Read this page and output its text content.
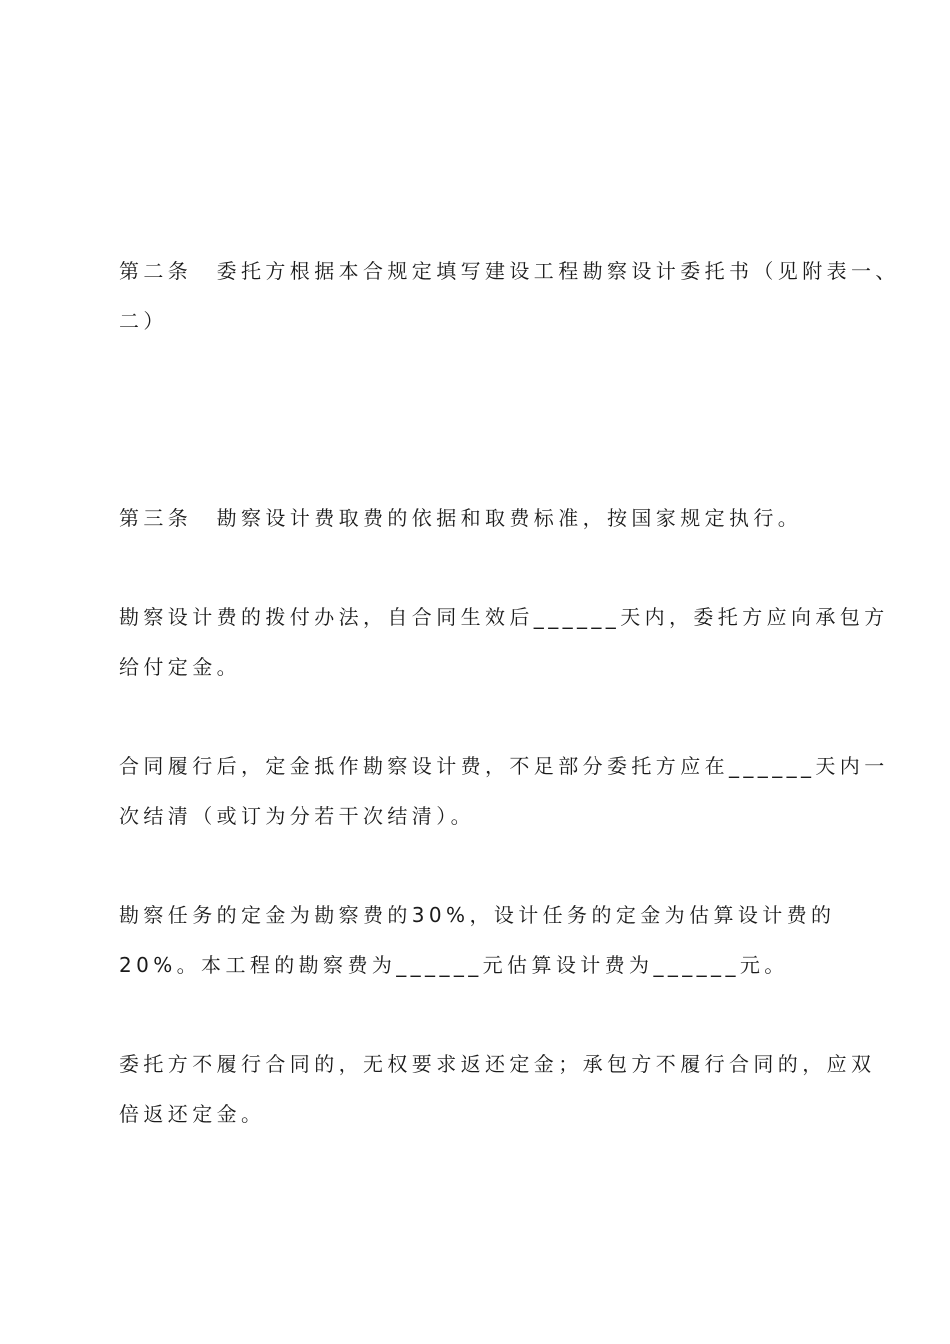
第二条　委托方根据本合规定填写建设工程勘察设计委托书（见附表一、
二）

第三条　勘察设计费取费的依据和取费标准，按国家规定执行。

勘察设计费的拨付办法，自合同生效后______天内，委托方应向承包方
给付定金。

合同履行后，定金抵作勘察设计费，不足部分委托方应在______天内一
次结清（或订为分若干次结清）。

勘察任务的定金为勘察费的30%，设计任务的定金为估算设计费的
20%。本工程的勘察费为______元估算设计费为______元。

委托方不履行合同的，无权要求返还定金；承包方不履行合同的，应双
倍返还定金。
